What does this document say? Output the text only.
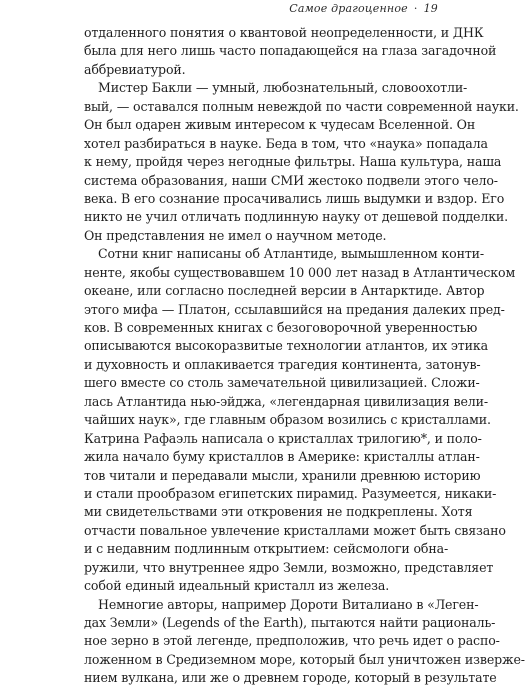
Самое драгоценное · 19
отдаленного понятия о квантовой неопределенности, и ДНК
была для него лишь часто попадающейся на глаза загадочной
аббревиатурой.
Мистер Бакли — умный, любознательный, словоохотли-
вый, — оставался полным невеждой по части современной науки.
Он был одарен живым интересом к чудесам Вселенной. Он
хотел разбираться в науке. Беда в том, что «наука» попадала
к нему, пройдя через негодные фильтры. Наша культура, наша
система образования, наши СМИ жестоко подвели этого чело-
века. В его сознание просачивались лишь выдумки и вздор. Его
никто не учил отличать подлинную науку от дешевой подделки.
Он представления не имел о научном методе.
Сотни книг написаны об Атлантиде, вымышленном конти-
ненте, якобы существовавшем 10 000 лет назад в Атлантическом
океане, или согласно последней версии в Антарктиде. Автор
этого мифа — Платон, ссылавшийся на предания далеких пред-
ков. В современных книгах с безоговорочной уверенностью
описываются высокоразвитые технологии атлантов, их этика
и духовность и оплакивается трагедия континента, затонув-
шего вместе со столь замечательной цивилизацией. Сложи-
лась Атлантида нью-эйджа, «легендарная цивилизация вели-
чайших наук», где главным образом возились с кристаллами.
Катрина Рафаэль написала о кристаллах трилогию*, и поло-
жила начало буму кристаллов в Америке: кристаллы атлан-
тов читали и передавали мысли, хранили древнюю историю
и стали прообразом египетских пирамид. Разумеется, никаки-
ми свидетельствами эти откровения не подкреплены. Хотя
отчасти повальное увлечение кристаллами может быть связано
и с недавним подлинным открытием: сейсмологи обна-
ружили, что внутреннее ядро Земли, возможно, представляет
собой единый идеальный кристалл из железа.
Немногие авторы, например Дороти Виталиано в «Леген-
дах Земли» (Legends of the Earth), пытаются найти рациональ-
ное зерно в этой легенде, предположив, что речь идет о распо-
ложенном в Средиземном море, который был уничтожен изверже-
нием вулкана, или же о древнем городе, который в результате
